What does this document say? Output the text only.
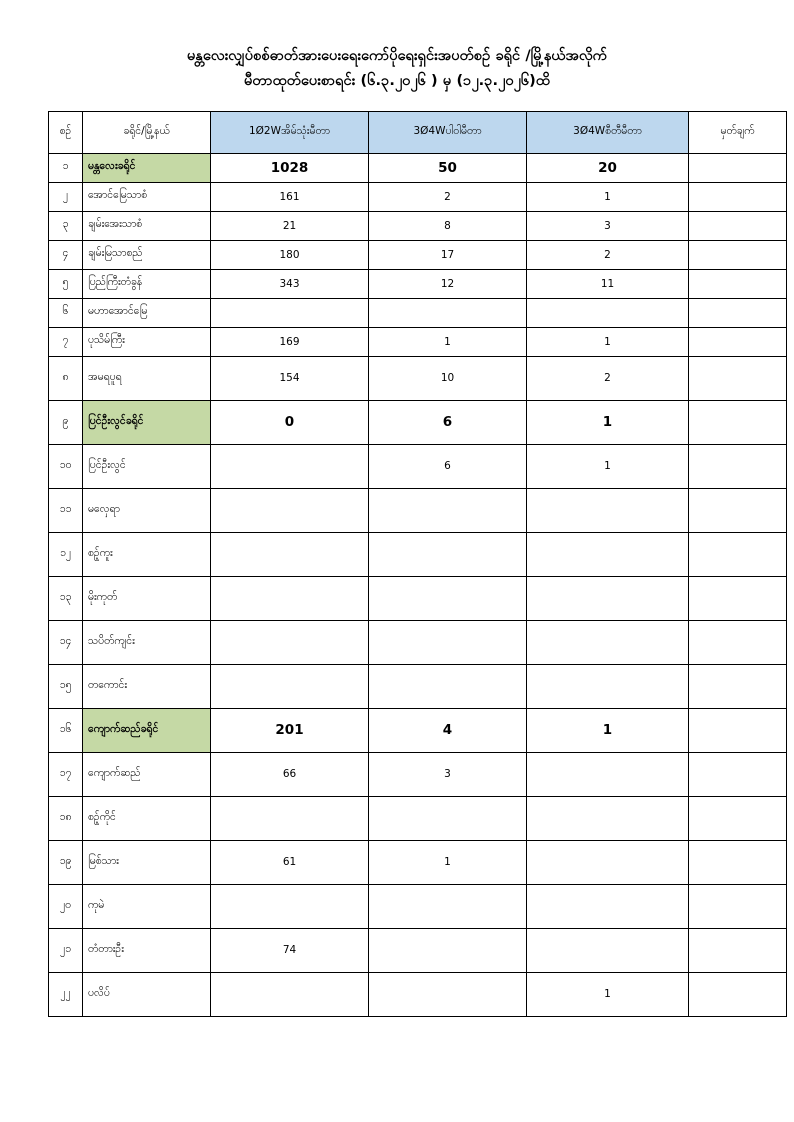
မန္တလေးလျှပ်စစ်ဓာတ်အားပေးရေးကော်ပိုရေးရှင်း​အပတ်စဉ် ခရိုင် /မြို့နယ်အလိုက်
မီတာထုတ်ပေးစာရင်း (၆.၃.၂၀၂၆ ) မှ (၁၂.၃.၂၀၂၆)ထိ
စဉ်	ခရိုင်/မြို့နယ်	1Ø2Wအိမ်သုံးမီတာ	3Ø4Wပါဝါမီတာ	3Ø4Wစီတီမီတာ	မှတ်ချက်
၁	မန္တလေးခရိုင်	1028	50	20	
၂	အောင်မြေသာစံ	161	2	1	
၃	ချမ်းအေးသာစံ	21	8	3	
၄	ချမ်းမြသာစည်	180	17	2	
၅	ပြည်ကြီးတံခွန်	343	12	11	
၆	မဟာအောင်မြေ				
၇	ပုသိမ်ကြီး	169	1	1	
၈	အမရပူရ	154	10	2	
၉	ပြင်ဦးလွင်ခရိုင်	0	6	1	
၁၀	ပြင်ဦးလွင်		6	1	
၁၁	မလှေရာ				
၁၂	စဉ့်ကူး				
၁၃	မိုးကုတ်				
၁၄	သပိတ်ကျင်း				
၁၅	တကောင်း				
၁၆	ကျောက်ဆည်ခရိုင်	201	4	1	
၁၇	ကျောက်ဆည်	66	3		
၁၈	စဉ့်ကိုင်				
၁၉	မြစ်သား	61	1		
၂၀	ကုမဲ				
၂၁	တံတားဦး	74			
၂၂	ပလိပ်			1	
